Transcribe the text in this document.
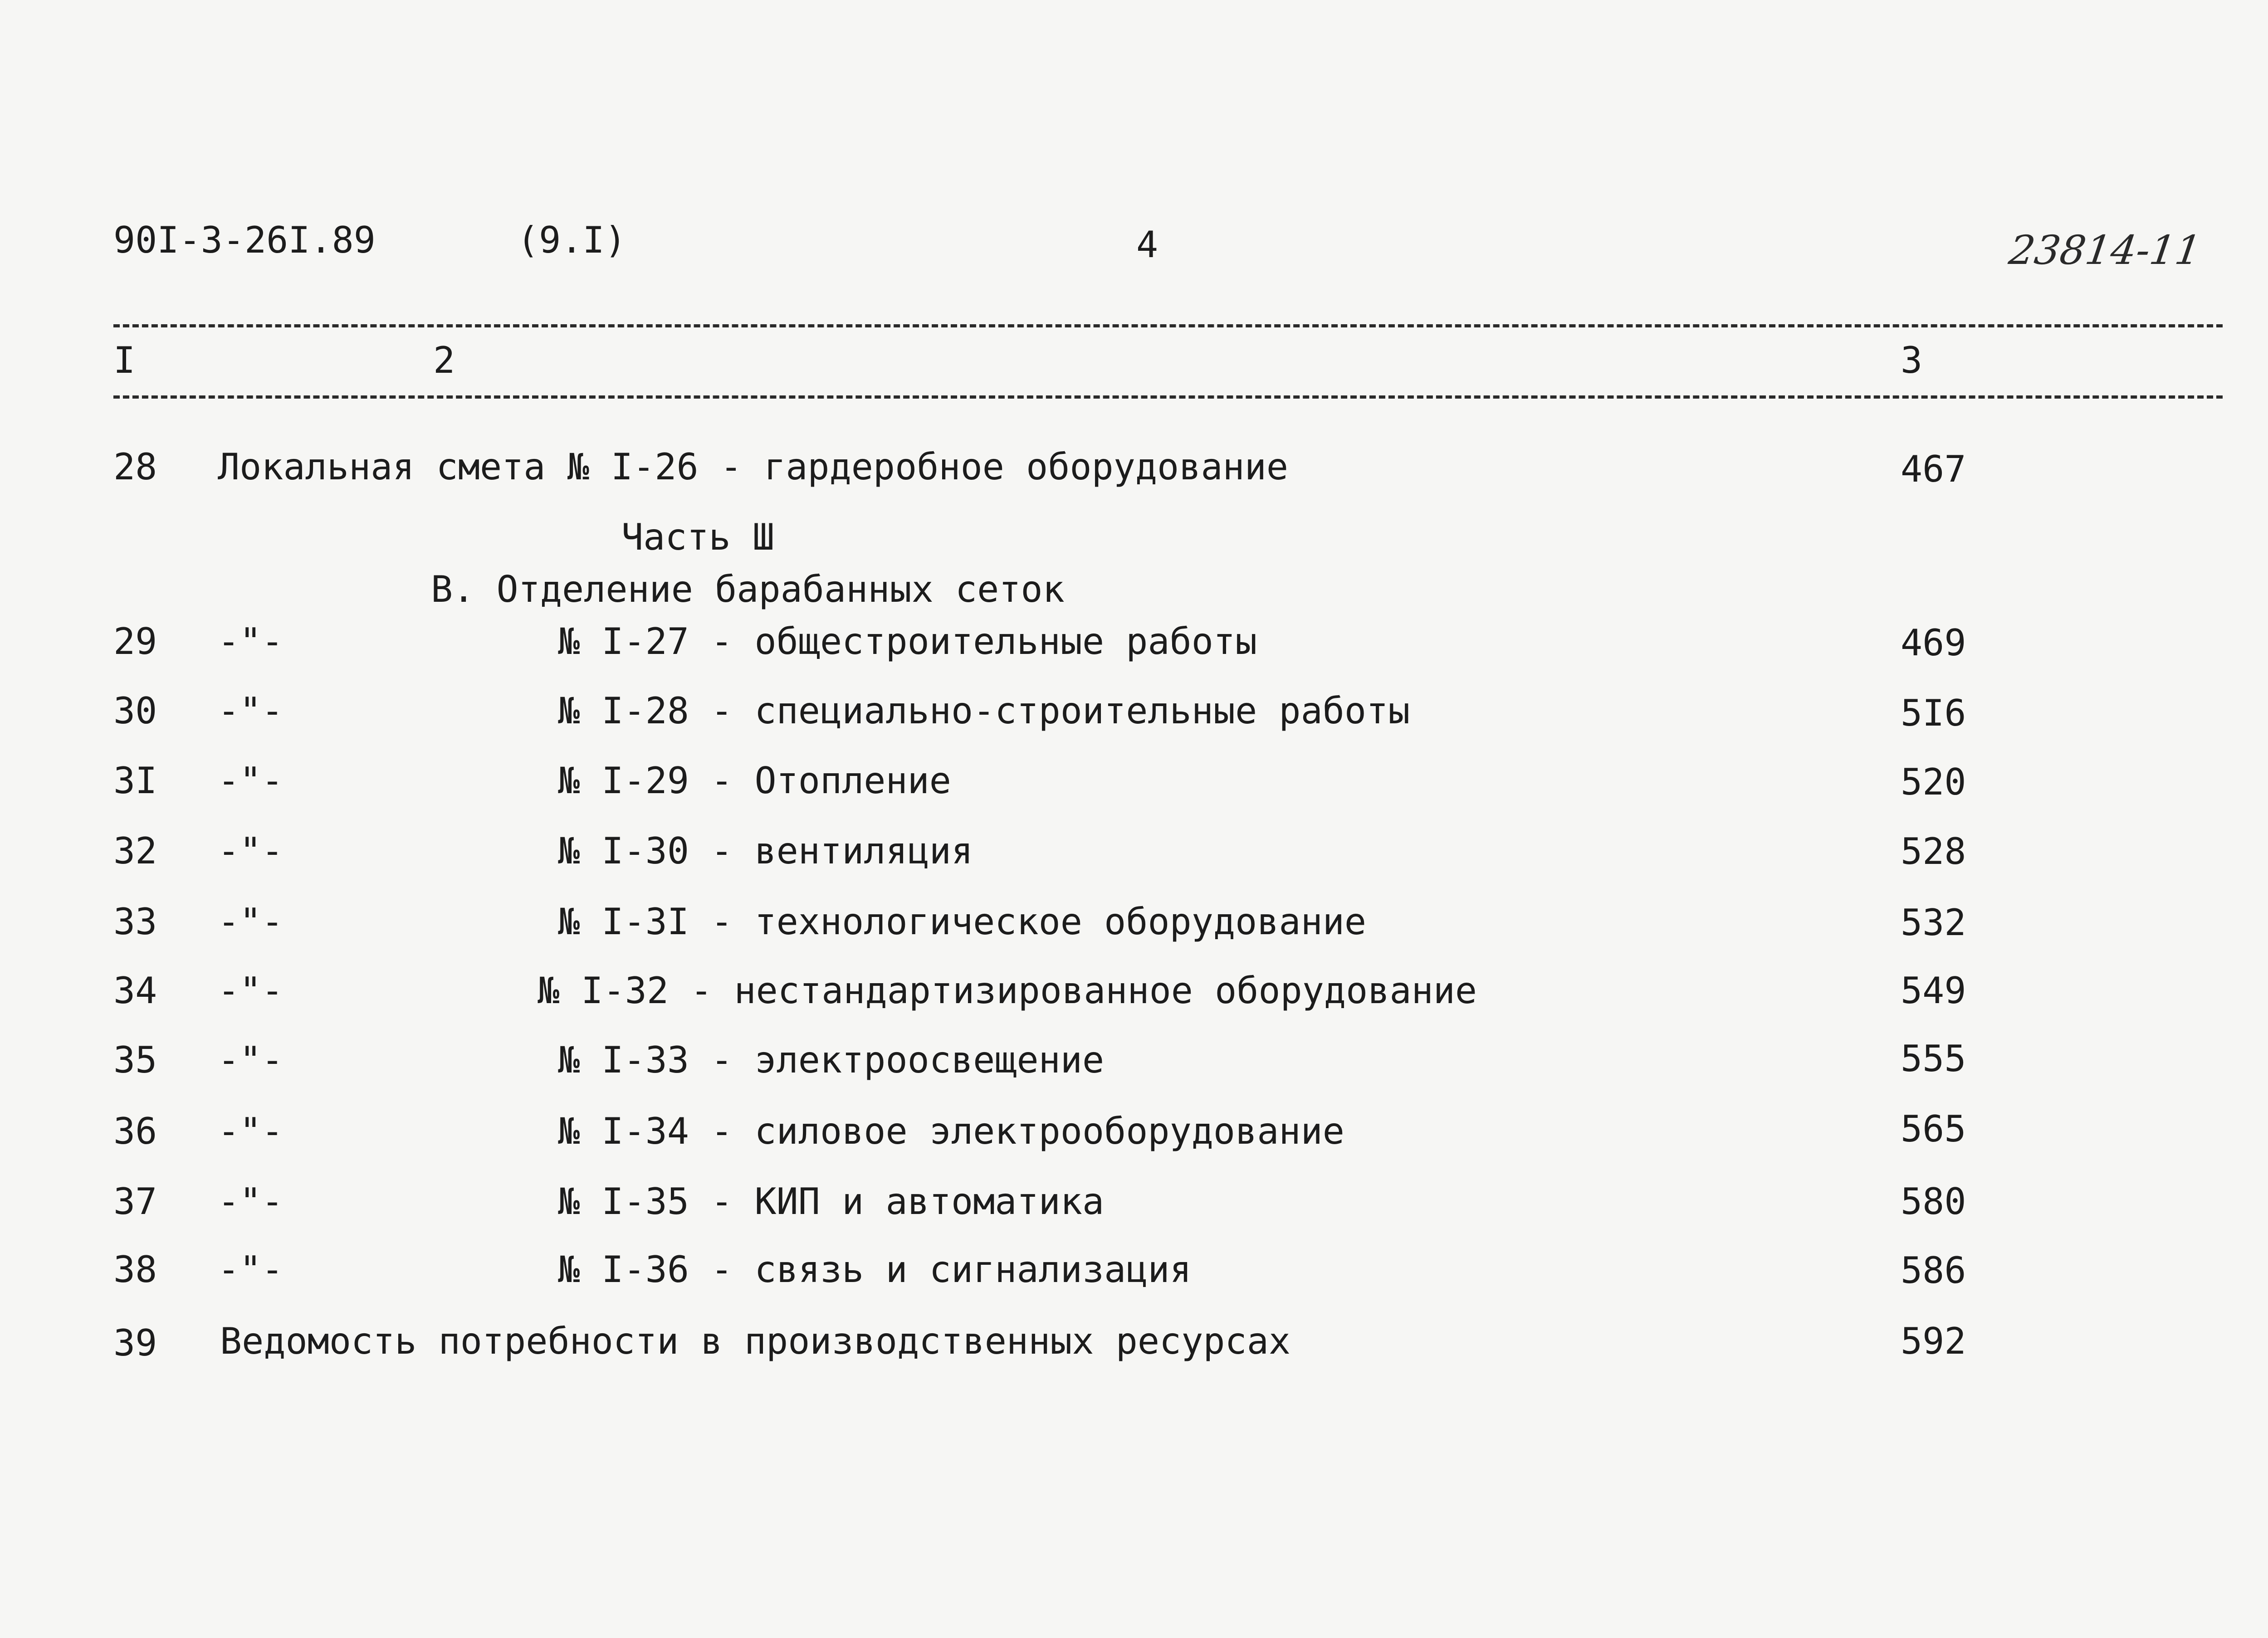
90I-3-26I.89	(9.I)	4	23814-11
I	2	3
28 Локальная смета № I-26 - гардеробное оборудование	467
Часть Ш
В. Отделение барабанных сеток
29 -"-	№ I-27 - общестроительные работы	469
30 -"-	№ I-28 - специально-строительные работы	5I6
3I -"-	№ I-29 - Отопление	520
32 -"-	№ I-30 - вентиляция	528
33 -"-	№ I-3I - технологическое оборудование	532
34 -"-	№ I-32 - нестандартизированное оборудование	549
35 -"-	№ I-33 - электроосвещение	555
36 -"-	№ I-34 - силовое электрооборудование	565
37 -"-	№ I-35 - КИП и автоматика	580
38 -"-	№ I-36 - связь и сигнализация	586
39 Ведомость потребности в производственных ресурсах	592
